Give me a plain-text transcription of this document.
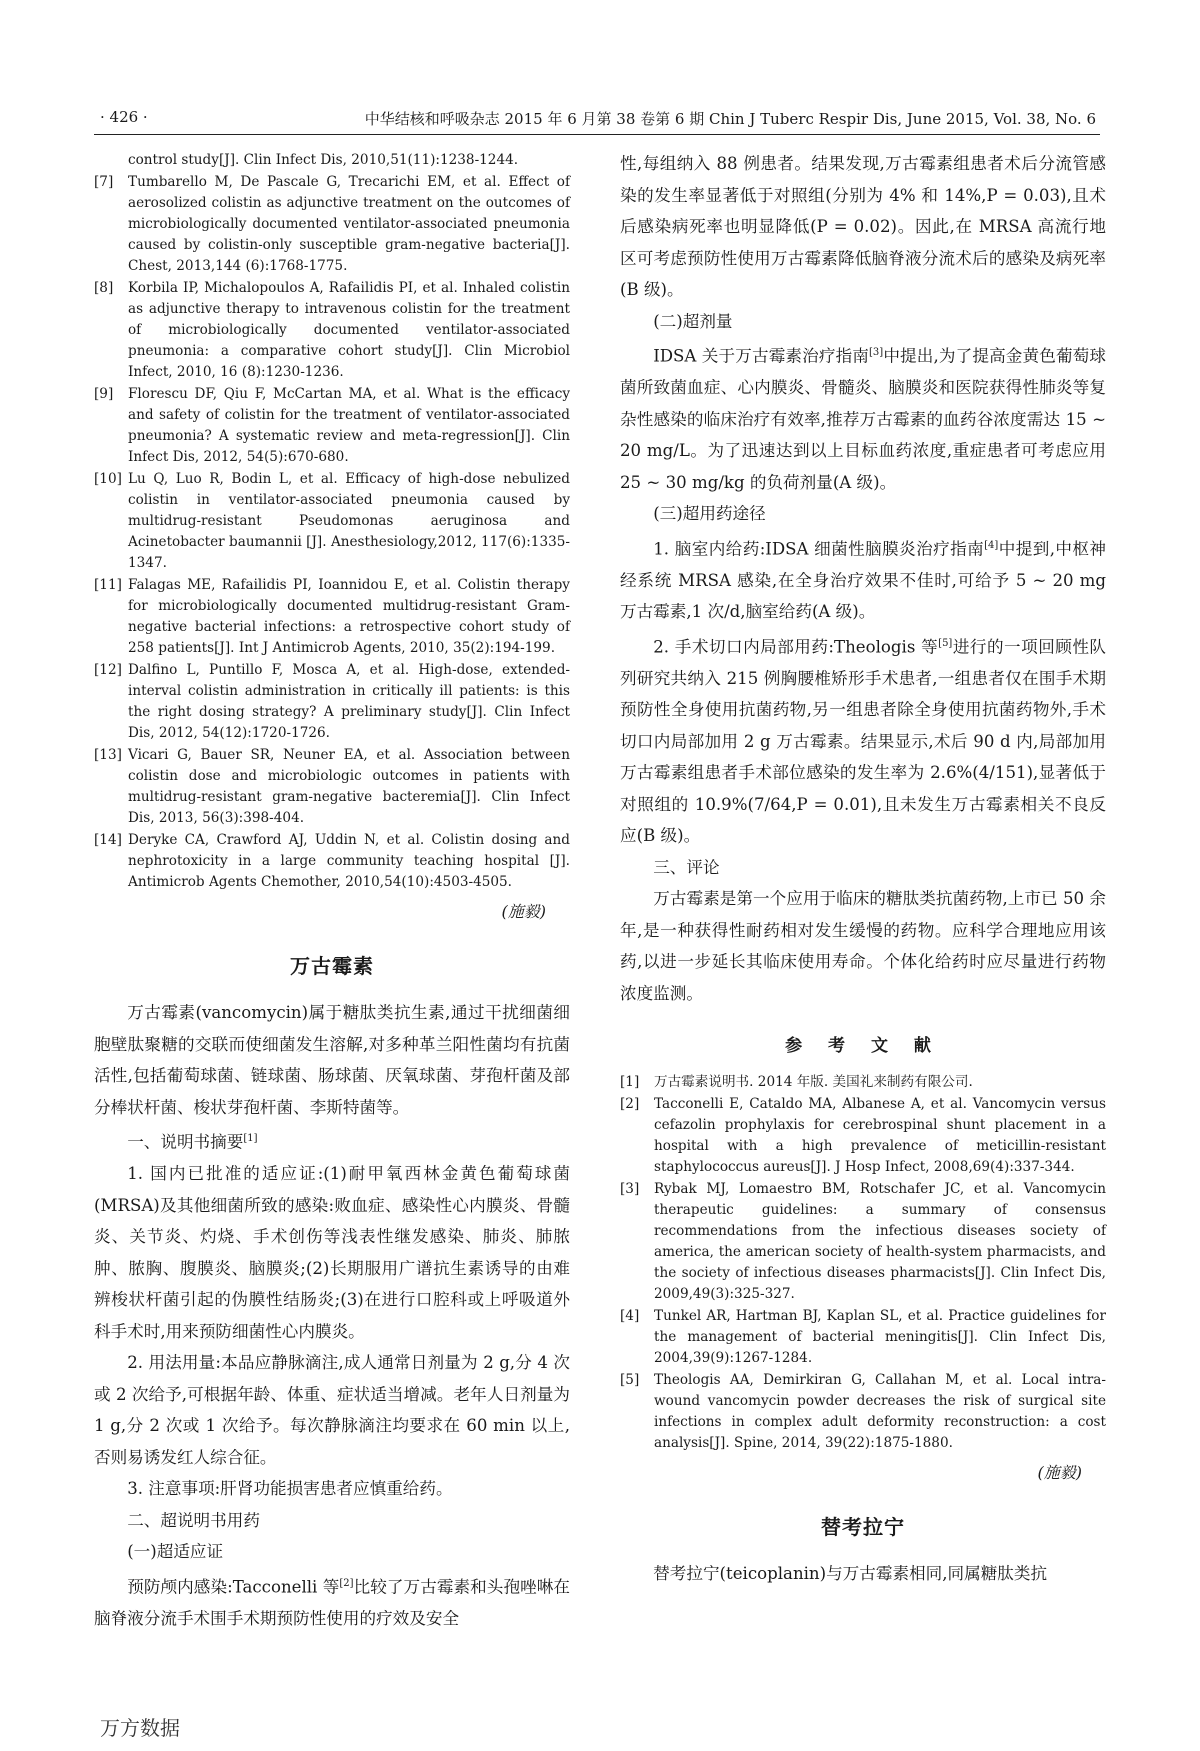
· 426 ·	中华结核和呼吸杂志 2015 年 6 月第 38 卷第 6 期 Chin J Tuberc Respir Dis, June 2015, Vol. 38, No. 6
control study[J]. Clin Infect Dis, 2010,51(11):1238-1244.
[7]	Tumbarello M, De Pascale G, Trecarichi EM, et al. Effect of aerosolized colistin as adjunctive treatment on the outcomes of microbiologically documented ventilator-associated pneumonia caused by colistin-only susceptible gram-negative bacteria[J]. Chest, 2013,144 (6):1768-1775.
[8]	Korbila IP, Michalopoulos A, Rafailidis PI, et al. Inhaled colistin as adjunctive therapy to intravenous colistin for the treatment of microbiologically documented ventilator-associated pneumonia: a comparative cohort study[J]. Clin Microbiol Infect, 2010, 16 (8):1230-1236.
[9]	Florescu DF, Qiu F, McCartan MA, et al. What is the efficacy and safety of colistin for the treatment of ventilator-associated pneumonia? A systematic review and meta-regression[J]. Clin Infect Dis, 2012, 54(5):670-680.
[10] Lu Q, Luo R, Bodin L, et al. Efficacy of high-dose nebulized colistin in ventilator-associated pneumonia caused by multidrug-resistant Pseudomonas aeruginosa and Acinetobacter baumannii [J]. Anesthesiology,2012, 117(6):1335-1347.
[11] Falagas ME, Rafailidis PI, Ioannidou E, et al. Colistin therapy for microbiologically documented multidrug-resistant Gram-negative bacterial infections: a retrospective cohort study of 258 patients[J]. Int J Antimicrob Agents, 2010, 35(2):194-199.
[12] Dalfino L, Puntillo F, Mosca A, et al. High-dose, extended-interval colistin administration in critically ill patients: is this the right dosing strategy? A preliminary study[J]. Clin Infect Dis, 2012, 54(12):1720-1726.
[13] Vicari G, Bauer SR, Neuner EA, et al. Association between colistin dose and microbiologic outcomes in patients with multidrug-resistant gram-negative bacteremia[J]. Clin Infect Dis, 2013, 56(3):398-404.
[14] Deryke CA, Crawford AJ, Uddin N, et al. Colistin dosing and nephrotoxicity in a large community teaching hospital [J]. Antimicrob Agents Chemother, 2010,54(10):4503-4505.
(施毅)
万古霉素

万古霉素(vancomycin)属于糖肽类抗生素,通过干扰细菌细胞壁肽聚糖的交联而使细菌发生溶解,对多种革兰阳性菌均有抗菌活性,包括葡萄球菌、链球菌、肠球菌、厌氧球菌、芽孢杆菌及部分棒状杆菌、梭状芽孢杆菌、李斯特菌等。

一、说明书摘要[1]

1. 国内已批准的适应证:(1)耐甲氧西林金黄色葡萄球菌(MRSA)及其他细菌所致的感染:败血症、感染性心内膜炎、骨髓炎、关节炎、灼烧、手术创伤等浅表性继发感染、肺炎、肺脓肿、脓胸、腹膜炎、脑膜炎;(2)长期服用广谱抗生素诱导的由难辨梭状杆菌引起的伪膜性结肠炎;(3)在进行口腔科或上呼吸道外科手术时,用来预防细菌性心内膜炎。

2. 用法用量:本品应静脉滴注,成人通常日剂量为 2 g,分 4 次或 2 次给予,可根据年龄、体重、症状适当增减。老年人日剂量为 1 g,分 2 次或 1 次给予。每次静脉滴注均要求在 60 min 以上,否则易诱发红人综合征。

3. 注意事项:肝肾功能损害患者应慎重给药。

二、超说明书用药

(一)超适应证

预防颅内感染:Tacconelli 等[2]比较了万古霉素和头孢唑啉在脑脊液分流手术围手术期预防性使用的疗效及安全

性,每组纳入 88 例患者。结果发现,万古霉素组患者术后分流管感染的发生率显著低于对照组(分别为 4% 和 14%,P = 0.03),且术后感染病死率也明显降低(P = 0.02)。因此,在 MRSA 高流行地区可考虑预防性使用万古霉素降低脑脊液分流术后的感染及病死率(B 级)。

(二)超剂量

IDSA 关于万古霉素治疗指南[3]中提出,为了提高金黄色葡萄球菌所致菌血症、心内膜炎、骨髓炎、脑膜炎和医院获得性肺炎等复杂性感染的临床治疗有效率,推荐万古霉素的血药谷浓度需达 15 ~ 20 mg/L。为了迅速达到以上目标血药浓度,重症患者可考虑应用 25 ~ 30 mg/kg 的负荷剂量(A 级)。

(三)超用药途径

1. 脑室内给药:IDSA 细菌性脑膜炎治疗指南[4]中提到,中枢神经系统 MRSA 感染,在全身治疗效果不佳时,可给予 5 ~ 20 mg 万古霉素,1 次/d,脑室给药(A 级)。

2. 手术切口内局部用药:Theologis 等[5]进行的一项回顾性队列研究共纳入 215 例胸腰椎矫形手术患者,一组患者仅在围手术期预防性全身使用抗菌药物,另一组患者除全身使用抗菌药物外,手术切口内局部加用 2 g 万古霉素。结果显示,术后 90 d 内,局部加用万古霉素组患者手术部位感染的发生率为 2.6%(4/151),显著低于对照组的 10.9%(7/64,P = 0.01),且未发生万古霉素相关不良反应(B 级)。

三、评论

万古霉素是第一个应用于临床的糖肽类抗菌药物,上市已 50 余年,是一种获得性耐药相对发生缓慢的药物。应科学合理地应用该药,以进一步延长其临床使用寿命。个体化给药时应尽量进行药物浓度监测。

参 考 文 献
[1]	万古霉素说明书. 2014 年版. 美国礼来制药有限公司.
[2]	Tacconelli E, Cataldo MA, Albanese A, et al. Vancomycin versus cefazolin prophylaxis for cerebrospinal shunt placement in a hospital with a high prevalence of meticillin-resistant staphylococcus aureus[J]. J Hosp Infect, 2008,69(4):337-344.
[3]	Rybak MJ, Lomaestro BM, Rotschafer JC, et al. Vancomycin therapeutic guidelines: a summary of consensus recommendations from the infectious diseases society of america, the american society of health-system pharmacists, and the society of infectious diseases pharmacists[J]. Clin Infect Dis, 2009,49(3):325-327.
[4]	Tunkel AR, Hartman BJ, Kaplan SL, et al. Practice guidelines for the management of bacterial meningitis[J]. Clin Infect Dis, 2004,39(9):1267-1284.
[5]	Theologis AA, Demirkiran G, Callahan M, et al. Local intra-wound vancomycin powder decreases the risk of surgical site infections in complex adult deformity reconstruction: a cost analysis[J]. Spine, 2014, 39(22):1875-1880.
(施毅)
替考拉宁

替考拉宁(teicoplanin)与万古霉素相同,同属糖肽类抗

万方数据
